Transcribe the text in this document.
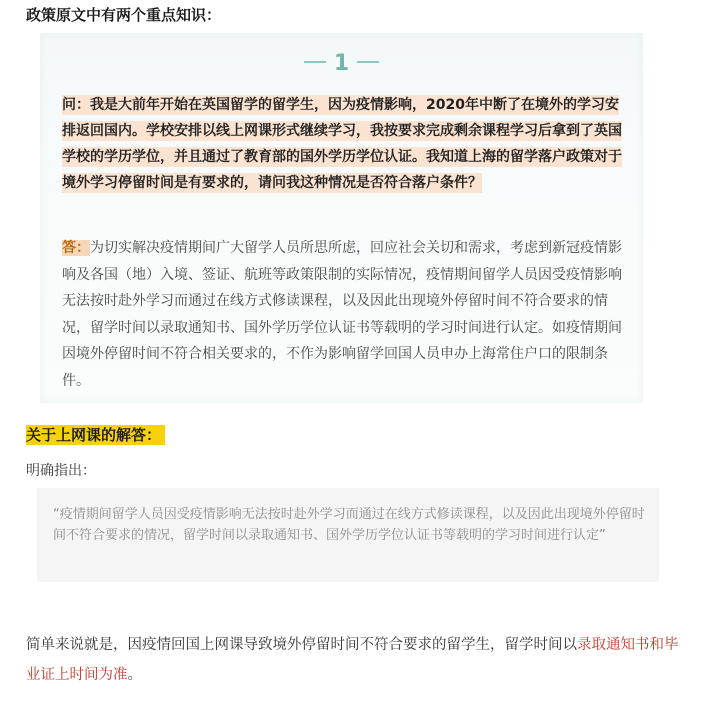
政策原文中有两个重点知识：
1
问：我是大前年开始在英国留学的留学生，因为疫情影响，2020年中断了在境外的学习安排返回国内。学校安排以线上网课形式继续学习，我按要求完成剩余课程学习后拿到了英国学校的学历学位，并且通过了教育部的国外学历学位认证。我知道上海的留学落户政策对于境外学习停留时间是有要求的，请问我这种情况是否符合落户条件？
答：为切实解决疫情期间广大留学人员所思所虑，回应社会关切和需求，考虑到新冠疫情影响及各国（地）入境、签证、航班等政策限制的实际情况，疫情期间留学人员因受疫情影响无法按时赴外学习而通过在线方式修读课程，以及因此出现境外停留时间不符合要求的情况，留学时间以录取通知书、国外学历学位认证书等载明的学习时间进行认定。如疫情期间因境外停留时间不符合相关要求的，不作为影响留学回国人员申办上海常住户口的限制条件。
关于上网课的解答：
明确指出：

“疫情期间留学人员因受疫情影响无法按时赴外学习而通过在线方式修读课程，以及因此出现境外停留时间不符合要求的情况，留学时间以录取通知书、国外学历学位认证书等载明的学习时间进行认定”

简单来说就是，因疫情回国上网课导致境外停留时间不符合要求的留学生，留学时间以录取通知书和毕业证上时间为准。
